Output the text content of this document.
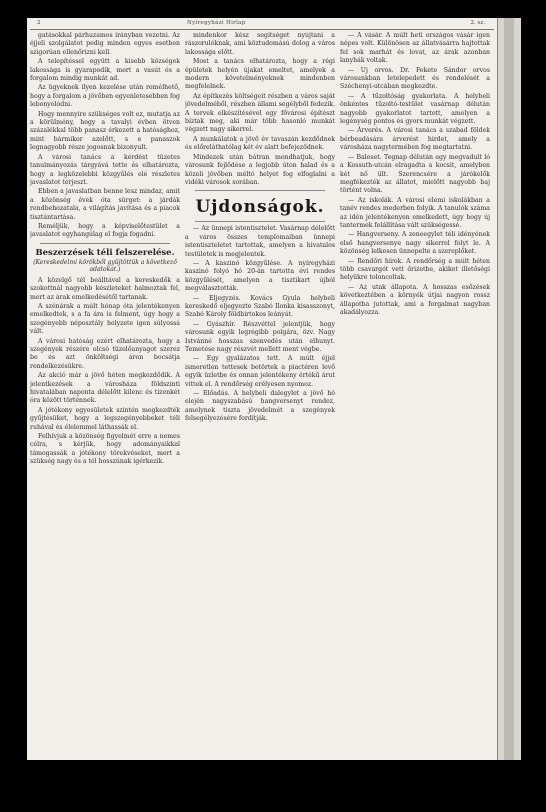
2	Nyíregyházi Hirlap	2. sz.

gatásokkal párhuzamos irányban vezetni. Az éjjeli szolgálatot pedig minden egyes esetben szigorúan ellenőrizni kell.

A telepítéssel együtt a kisebb községek lakossága is gyarapodik, mert a vasút és a forgalom mindig munkát ad.

Az ügyeknek ilyen kezelése után remélhető, hogy a forgalom a jövőben egyenletesebben fog lebonyolódni.

Hogy mennyire szükséges volt ez, mutatja az a körülmény, hogy a tavalyi évben ötven százalékkal több panasz érkezett a hatósághoz, mint bármikor azelőtt, s e panaszok legnagyobb része jogosnak bizonyult.

A városi tanács a kérdést tüzetes tanulmányozás tárgyává tette és elhatározta, hogy a legközelebbi közgyűlés elé részletes javaslatot terjeszt.

Ebben a javaslatban benne lesz mindaz, amit a közönség évek óta sürget: a járdák rendbehozatala, a világítás javítása és a piacok tisztántartása.

Reméljük, hogy a képviselőtestület a javaslatot egyhangúlag el fogja fogadni.

Beszerzések téli felszerelése.

(Kereskedelmi körökből gyűjtöttük a következő adatokat.)

A közelgő tél beálltával a kereskedők a szokottnál nagyobb készleteket halmoztak fel, mert az árak emelkedésétől tartanak.

A szénárak a múlt hónap óta jelentékenyen emelkedtek, s a fa ára is felment, úgy hogy a szegényebb néposztály helyzete igen súlyossá vált.

A városi hatóság ezért elhatározta, hogy a szegények részére olcsó tüzelőanyagot szerez be és azt önköltségi áron bocsátja rendelkezésükre.

Az akció már a jövő héten megkezdődik. A jelentkezések a városháza földszinti hivatalában naponta délelőtt kilenc és tizenkét óra között történnek.

A jótékony egyesületek szintén megkezdték gyűjtésüket, hogy a legszegényebbeket téli ruhával és élelemmel láthassák el.

Felhívjuk a közönség figyelmét erre a nemes célra, s kérjük, hogy adományaikkal támogassák a jótékony törekvéseket, mert a szükség nagy és a tél hosszúnak ígérkezik.

mindenkor kész segítséget nyújtani a rászorulóknak, ami köztudomású dolog a város lakossága előtt.

Most a tanács elhatározta, hogy a régi épületek helyén újakat emeltet, amelyek a modern követelményeknek mindenben megfelelnek.

Az építkezés költségeit részben a város saját jövedelméből, részben állami segélyből fedezik. A tervek elkészítésével egy fővárosi építészt bíztak meg, aki már több hasonló munkát végzett nagy sikerrel.

A munkálatok a jövő év tavaszán kezdődnek és előreláthatólag két év alatt befejeződnek.

Mindezek után bátran mondhatjuk, hogy városunk fejlődése a legjobb úton halad és a közeli jövőben méltó helyet fog elfoglalni a vidéki városok sorában.

Ujdonságok.

— Az ünnepi istentisztelet. Vasárnap délelőtt a város összes templomaiban ünnepi istentiszteletet tartottak, amelyen a hivatalos testületek is megjelentek.

— A kaszinó közgyűlése. A nyíregyházi kaszinó folyó hó 20-án tartotta évi rendes közgyűlését, amelyen a tisztikart újból megválasztották.

— Eljegyzés. Kovács Gyula helybeli kereskedő eljegyezte Szabó Ilonka kisasszonyt, Szabó Károly földbirtokos leányát.

— Gyászhír. Részvéttel jelentjük, hogy városunk egyik legrégibb polgára, özv. Nagy Istvánné hosszas szenvedés után elhunyt. Temetése nagy részvét mellett ment végbe.

— Egy gyalázatos tett. A múlt éjjel ismeretlen tettesek betörtek a piactéren levő egyik üzletbe és onnan jelentékeny értékű árut vittek el. A rendőrség erélyesen nyomoz.

— Előadás. A helybeli dalegylet a jövő hó elején nagyszabású hangversenyt rendez, amelynek tiszta jövedelmét a szegények felsegélyezésére fordítják.

— A vásár. A múlt heti országos vásár igen népes volt. Különösen az állatvásárra hajtottak fel sok marhát és lovat, az árak azonban lanyhák voltak.

— Uj orvos. Dr. Fekete Sándor orvos városunkban letelepedett és rendelését a Széchenyi-utcában megkezdte.

— A tűzoltóság gyakorlata. A helybeli önkéntes tűzoltó-testület vasárnap délután nagyobb gyakorlatot tartott, amelyen a legénység pontos és gyors munkát végzett.

— Árverés. A városi tanács a szabad földek bérbeadására árverést hirdet, amely a városháza nagytermében fog megtartatni.

— Baleset. Tegnap délután egy megvadult ló a Kossuth-utcán elragadta a kocsit, amelyben két nő ült. Szerencsére a járókelők megfékezték az állatot, mielőtt nagyobb baj történt volna.

— Az iskolák. A városi elemi iskolákban a tanév rendes mederben folyik. A tanulók száma az idén jelentékenyen emelkedett, úgy hogy új tantermek felállítása vált szükségessé.

— Hangverseny. A zeneegylet téli idényének első hangversenye nagy sikerrel folyt le. A közönség lelkesen ünnepelte a szereplőket.

— Rendőri hírek. A rendőrség a múlt héten több csavargót vett őrizetbe, akiket illetőségi helyükre toloncoltak.

— Az utak állapota. A hosszas esőzések következtében a környék útjai nagyon rossz állapotba jutottak, ami a forgalmat nagyban akadályozza.
